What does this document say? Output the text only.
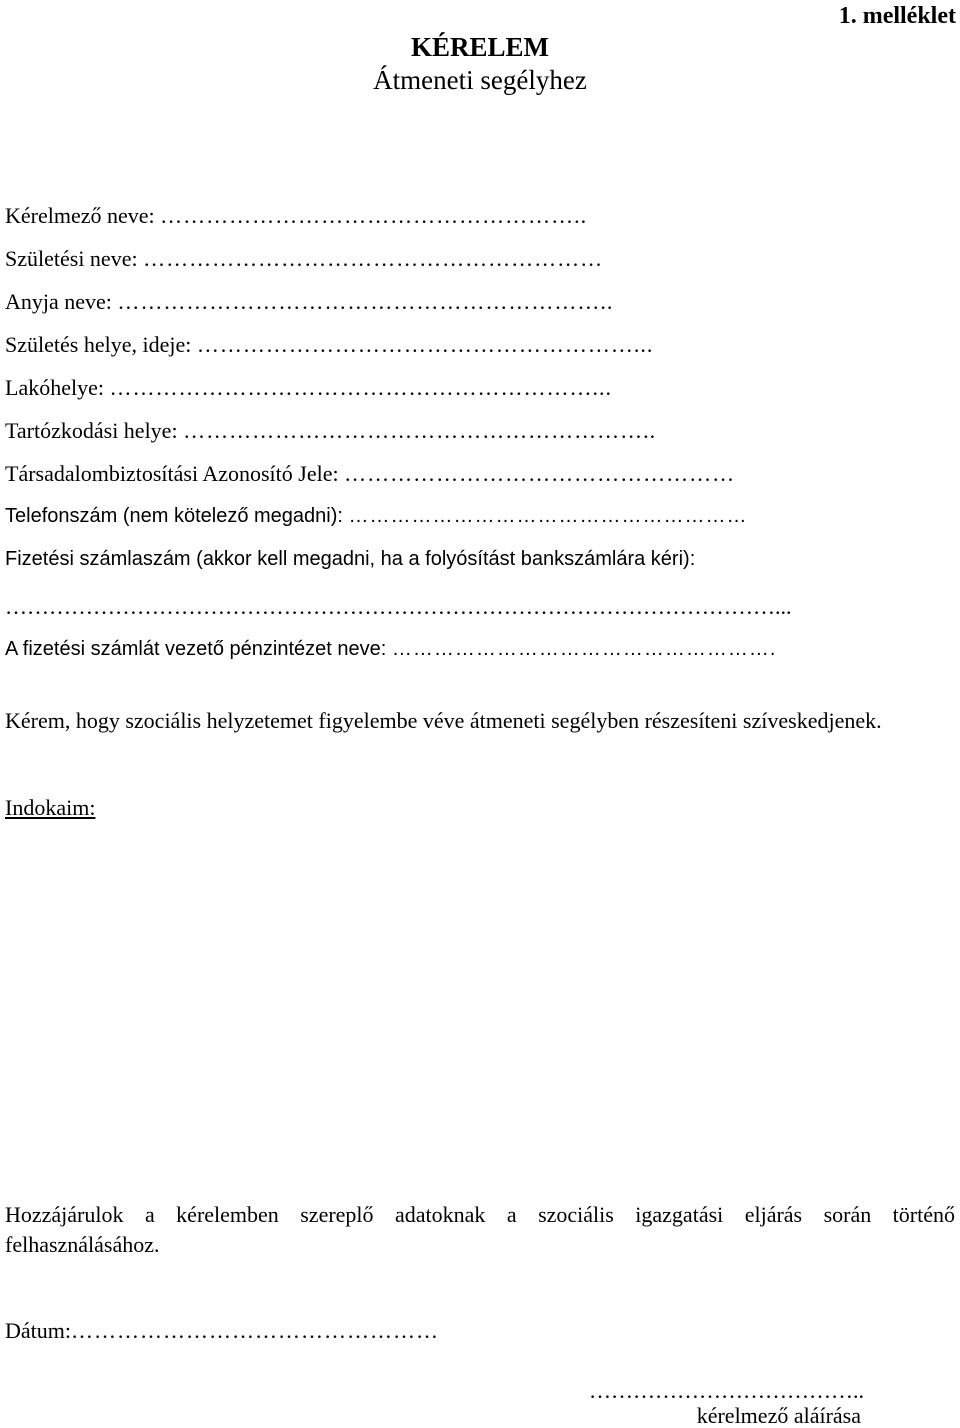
1. melléklet
KÉRELEM
Átmeneti segélyhez
Kérelmező neve: ………………………………………………..
Születési neve: ……………………………………………………
Anyja neve: ………………………………………………………..
Születés helye, ideje: …………………………………………………...
Lakóhelye: ………………………………………………………...
Tartózkodási helye: ……………………………………………………..
Társadalombiztosítási Azonosító Jele: ……………………………………………
Telefonszám (nem kötelező megadni): …………………………………………………
Fizetési számlaszám (akkor kell megadni, ha a folyósítást bankszámlára kéri):
……………………………………………………………………………………………...
A fizetési számlát vezető pénzintézet neve: ……………………………………………….
Kérem, hogy szociális helyzetemet figyelembe véve átmeneti segélyben részesíteni szíveskedjenek.
Indokaim:
Hozzájárulok a kérelemben szereplő adatoknak a szociális igazgatási eljárás során történő felhasználásához.
Dátum:…………………………………………
………………………………..
kérelmező aláírása
